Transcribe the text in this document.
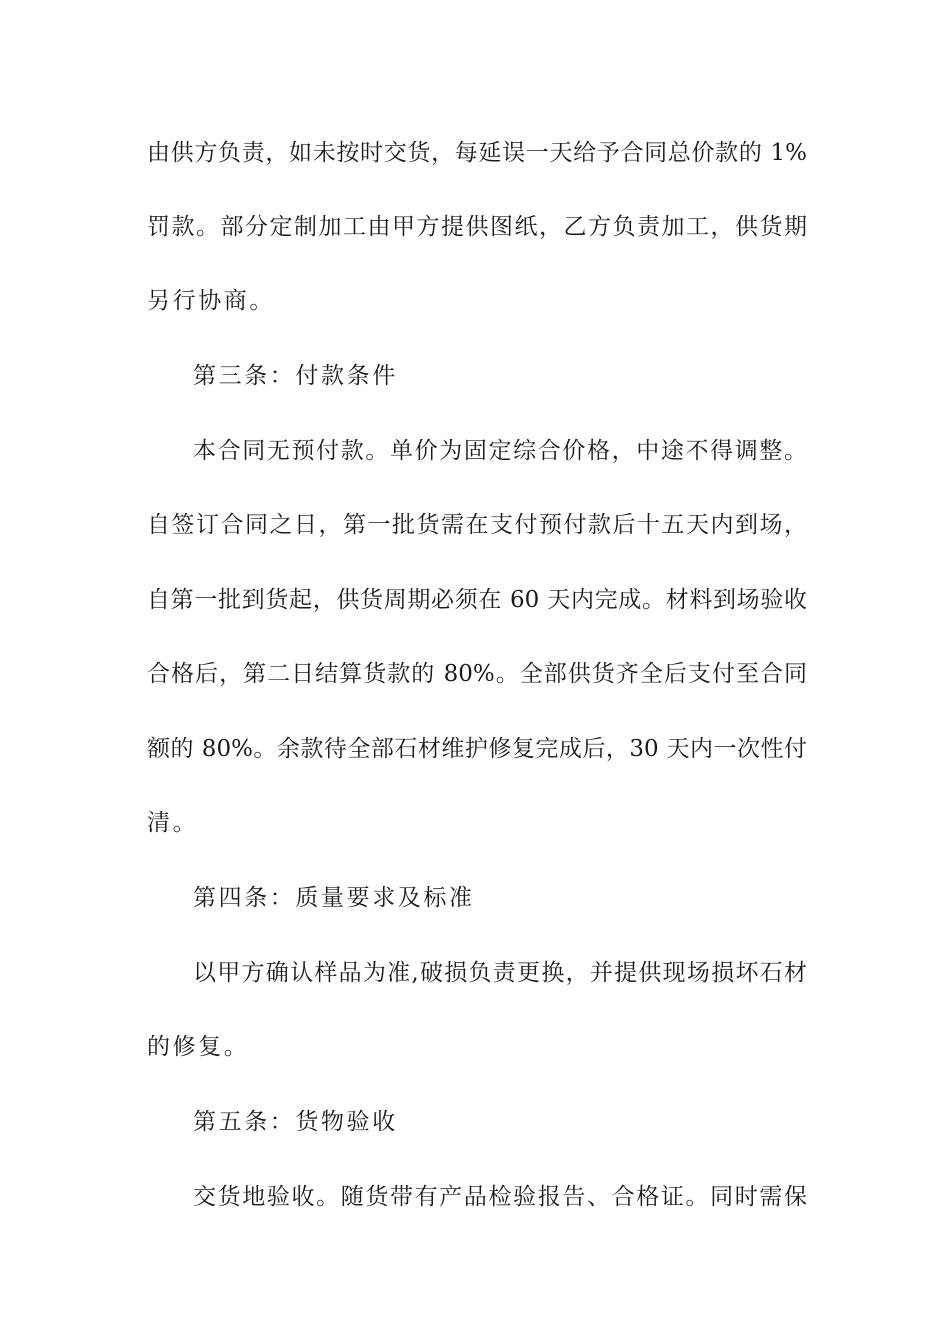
由供方负责，如未按时交货，每延误一天给予合同总价款的 1%
罚款。部分定制加工由甲方提供图纸，乙方负责加工，供货期
另行协商。
第三条：付款条件
本合同无预付款。单价为固定综合价格，中途不得调整。
自签订合同之日，第一批货需在支付预付款后十五天内到场，
自第一批到货起，供货周期必须在 60 天内完成。材料到场验收
合格后，第二日结算货款的 80%。全部供货齐全后支付至合同
额的 80%。余款待全部石材维护修复完成后，30 天内一次性付
清。
第四条：质量要求及标准
以甲方确认样品为准,破损负责更换，并提供现场损坏石材
的修复。
第五条：货物验收
交货地验收。随货带有产品检验报告、合格证。同时需保
